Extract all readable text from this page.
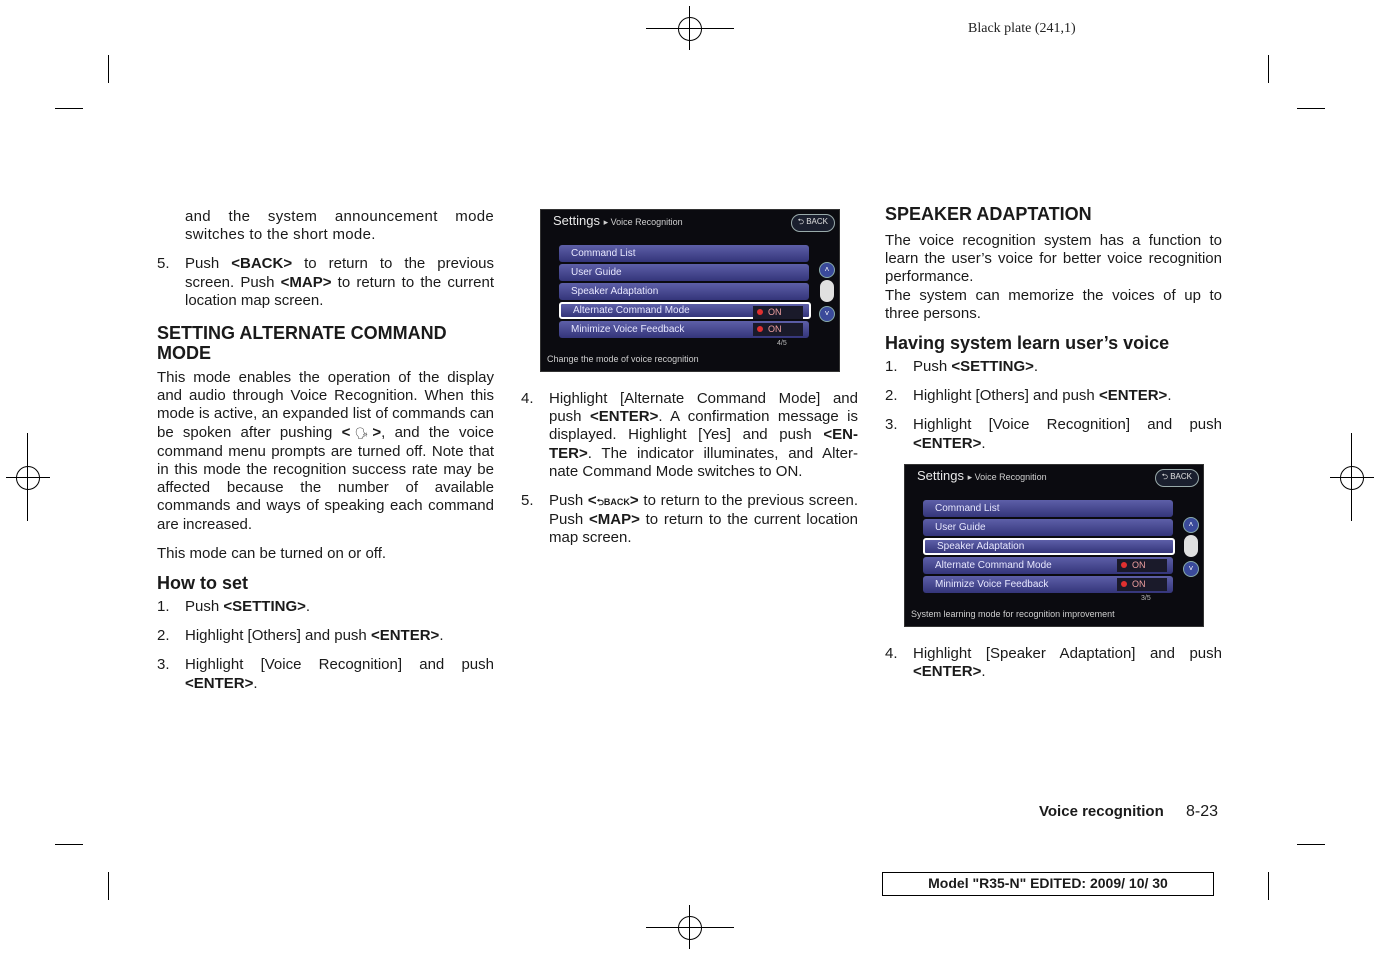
Black plate (241,1)

and the system announcement mode switches to the short mode.

5.	Push <BACK> to return to the previous screen. Push <MAP> to return to the current location map screen.

SETTING ALTERNATE COMMAND MODE

This mode enables the operation of the display and audio through Voice Recognition. When this mode is active, an expanded list of commands can be spoken after pushing < 🗣 >, and the voice command menu prompts are turned off. Note that in this mode the recognition success rate may be affected because the number of available commands and ways of speaking each command are increased.

This mode can be turned on or off.

How to set

1.	Push <SETTING>.
2.	Highlight [Others] and push <ENTER>.
3.	Highlight [Voice Recognition] and push <ENTER>.
Settings ▸ Voice Recognition	⮌ BACK
Command List
User Guide
Speaker Adaptation
Alternate Command Mode	ON
Minimize Voice Feedback	ON
˄
˅
4/5
Change the mode of voice recognition
4.	Highlight [Alternate Command Mode] and push <ENTER>. A confirmation message is displayed. Highlight [Yes] and push <EN-TER>. The indicator illuminates, and Alter-nate Command Mode switches to ON.
5.	Push <⮌BACK> to return to the previous screen. Push <MAP> to return to the current location map screen.

SPEAKER ADAPTATION

The voice recognition system has a function to learn the user’s voice for better voice recognition performance.

The system can memorize the voices of up to three persons.

Having system learn user’s voice

1.	Push <SETTING>.
2.	Highlight [Others] and push <ENTER>.
3.	Highlight [Voice Recognition] and push <ENTER>.
Settings ▸ Voice Recognition	⮌ BACK
Command List
User Guide
Speaker Adaptation
Alternate Command Mode	ON
Minimize Voice Feedback	ON
˄
˅
3/5
System learning mode for recognition improvement
4.	Highlight [Speaker Adaptation] and push <ENTER>.
Voice recognition 8-23
Model "R35-N" EDITED: 2009/ 10/ 30
